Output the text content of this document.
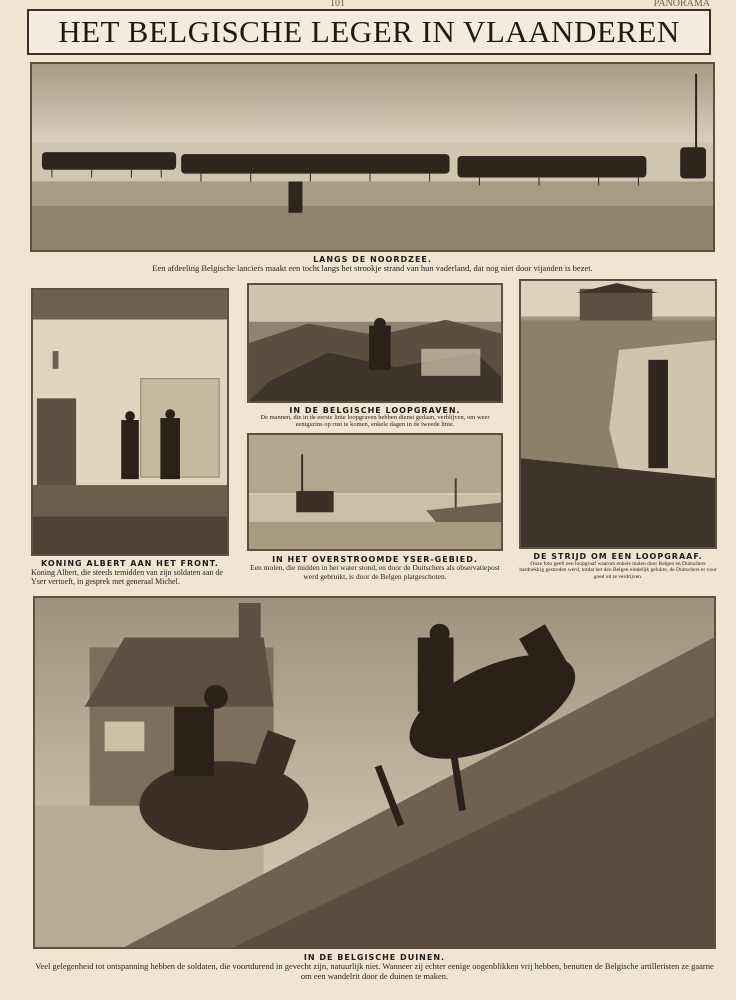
101	PANORAMA
HET BELGISCHE LEGER IN VLAANDEREN
LANGS DE NOORDZEE.
Een afdeeling Belgische lanciers maakt een tocht langs het strookje strand van hun vaderland, dat nog niet door vijanden is bezet.
KONING ALBERT AAN HET FRONT.
Koning Albert, die steeds temidden van zijn soldaten aan de Yser vertoeft, in gesprek met generaal Michel.
IN DE BELGISCHE LOOPGRAVEN.
De mannen, die in de eerste linie loopgraven hebben dienst gedaan, verblijven, om weer eenigszins op rust te komen, enkele dagen in de tweede linie.
IN HET OVERSTROOMDE YSER-GEBIED.
Een molen, die midden in het water stond, en door de Duitschers als observatiepost werd gebruikt, is door de Belgen platgeschoten.
DE STRIJD OM EEN LOOPGRAAF.
Onze foto geeft een loopgraaf waarom enkele malen door Belgen en Duitschers hardnekkig gestreden werd, totdat het den Belgen eindelijk gelukte, de Duitschers er voor goed uit te verdrijven.
IN DE BELGISCHE DUINEN.
Veel gelegenheid tot ontspanning hebben de soldaten, die voortdurend in gevecht zijn, natuurlijk niet. Wanneer zij echter eenige oogenblikken vrij hebben, benutten de Belgische artilleristen ze gaarne om een wandelrit door de duinen te maken.
